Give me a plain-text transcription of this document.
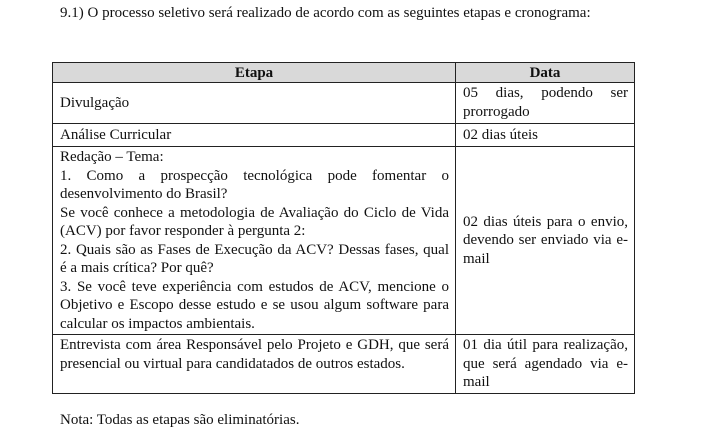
9.1) O processo seletivo será realizado de acordo com as seguintes etapas e cronograma:

Etapa	Data
Divulgação	05 dias, podendo ser prorrogado
Análise Curricular	02 dias úteis

Redação – Tema:
1. Como a prospecção tecnológica pode fomentar o desenvolvimento do Brasil?
Se você conhece a metodologia de Avaliação do Ciclo de Vida (ACV) por favor responder à pergunta 2:
2. Quais são as Fases de Execução da ACV? Dessas fases, qual é a mais crítica? Por quê?
3. Se você teve experiência com estudos de ACV, mencione o Objetivo e Escopo desse estudo e se usou algum software para calcular os impactos ambientais.	02 dias úteis para o envio, devendo ser enviado via e-mail
Entrevista com área Responsável pelo Projeto e GDH, que será presencial ou virtual para candidatados de outros estados.	01 dia útil para realização, que será agendado via e-mail

Nota: Todas as etapas são eliminatórias.
